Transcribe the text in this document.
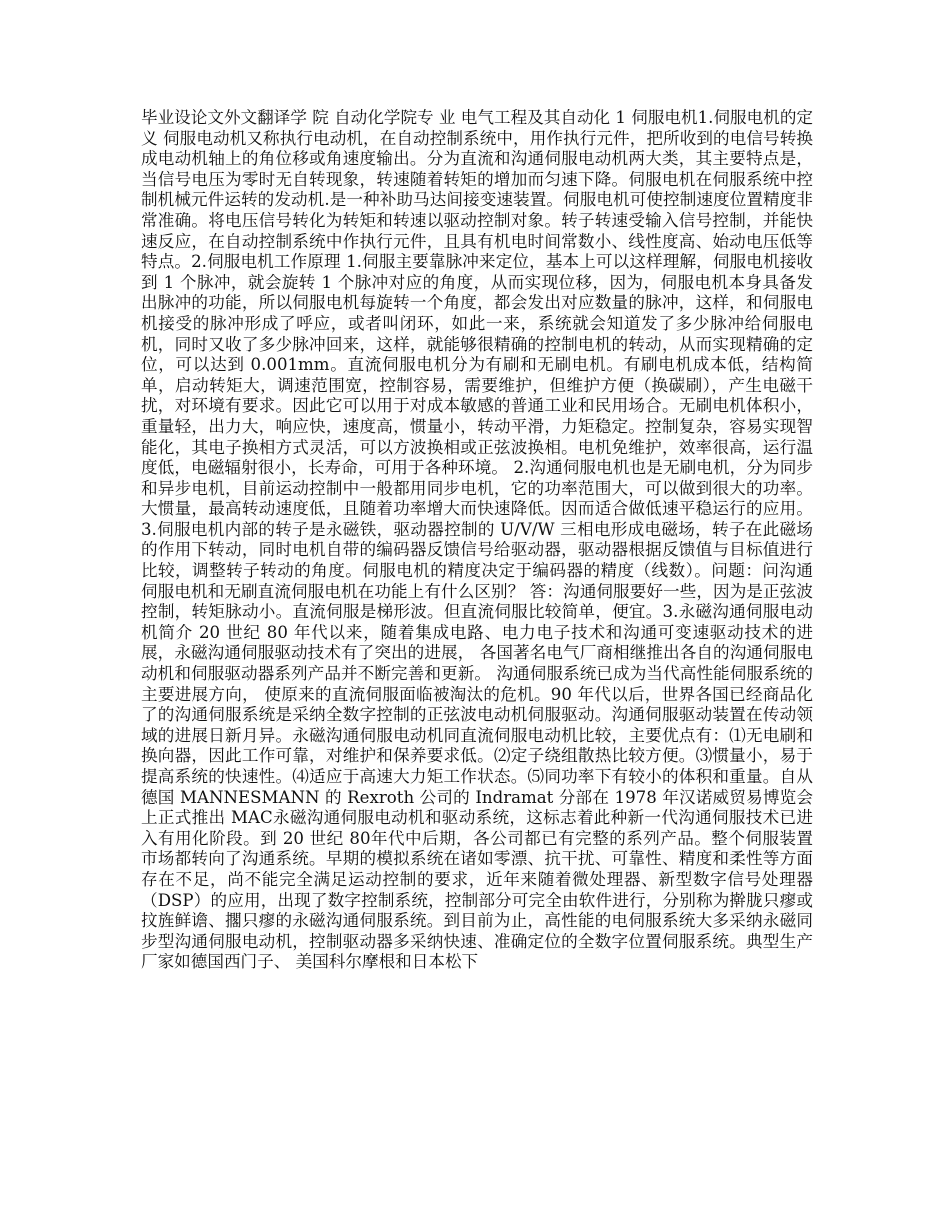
毕业设论文外文翻译学 院 自动化学院专 业 电气工程及其自动化 1 伺服电机1.伺服电机的定义 伺服电动机又称执行电动机，在自动控制系统中，用作执行元件，把所收到的电信号转换成电动机轴上的角位移或角速度输出。分为直流和沟通伺服电动机两大类，其主要特点是，当信号电压为零时无自转现象，转速随着转矩的增加而匀速下降。伺服电机在伺服系统中控制机械元件运转的发动机.是一种补助马达间接变速装置。伺服电机可使控制速度位置精度非常准确。将电压信号转化为转矩和转速以驱动控制对象。转子转速受输入信号控制，并能快速反应，在自动控制系统中作执行元件，且具有机电时间常数小、线性度高、始动电压低等特点。2.伺服电机工作原理 1.伺服主要靠脉冲来定位，基本上可以这样理解，伺服电机接收到 1 个脉冲，就会旋转 1 个脉冲对应的角度，从而实现位移，因为，伺服电机本身具备发出脉冲的功能，所以伺服电机每旋转一个角度，都会发出对应数量的脉冲，这样，和伺服电机接受的脉冲形成了呼应，或者叫闭环，如此一来，系统就会知道发了多少脉冲给伺服电机，同时又收了多少脉冲回来，这样，就能够很精确的控制电机的转动，从而实现精确的定位，可以达到 0.001mm。直流伺服电机分为有刷和无刷电机。有刷电机成本低，结构简单，启动转矩大，调速范围宽，控制容易，需要维护，但维护方便（换碳刷），产生电磁干扰，对环境有要求。因此它可以用于对成本敏感的普通工业和民用场合。无刷电机体积小，重量轻，出力大，响应快，速度高，惯量小，转动平滑，力矩稳定。控制复杂，容易实现智能化，其电子换相方式灵活，可以方波换相或正弦波换相。电机免维护，效率很高，运行温度低，电磁辐射很小，长寿命，可用于各种环境。 2.沟通伺服电机也是无刷电机，分为同步和异步电机，目前运动控制中一般都用同步电机，它的功率范围大，可以做到很大的功率。大惯量，最高转动速度低，且随着功率增大而快速降低。因而适合做低速平稳运行的应用。 3.伺服电机内部的转子是永磁铁，驱动器控制的 U/V/W 三相电形成电磁场，转子在此磁场的作用下转动，同时电机自带的编码器反馈信号给驱动器，驱动器根据反馈值与目标值进行比较，调整转子转动的角度。伺服电机的精度决定于编码器的精度（线数）。问题：问沟通伺服电机和无刷直流伺服电机在功能上有什么区别？ 答：沟通伺服要好一些，因为是正弦波控制，转矩脉动小。直流伺服是梯形波。但直流伺服比较简单，便宜。3.永磁沟通伺服电动机简介 20 世纪 80 年代以来，随着集成电路、电力电子技术和沟通可变速驱动技术的进展，永磁沟通伺服驱动技术有了突出的进展， 各国著名电气厂商相继推出各自的沟通伺服电动机和伺服驱动器系列产品并不断完善和更新。 沟通伺服系统已成为当代高性能伺服系统的主要进展方向， 使原来的直流伺服面临被淘汰的危机。90 年代以后，世界各国已经商品化了的沟通伺服系统是采纳全数字控制的正弦波电动机伺服驱动。沟通伺服驱动装置在传动领域的进展日新月异。永磁沟通伺服电动机同直流伺服电动机比较，主要优点有：⑴无电刷和换向器，因此工作可靠，对维护和保养要求低。⑵定子绕组散热比较方便。⑶惯量小，易于提高系统的快速性。⑷适应于高速大力矩工作状态。⑸同功率下有较小的体积和重量。自从德国 MANNESMANN 的 Rexroth 公司的 Indramat 分部在 1978 年汉诺威贸易博览会上正式推出 MAC永磁沟通伺服电动机和驱动系统，这标志着此种新一代沟通伺服技术已进入有用化阶段。到 20 世纪 80年代中后期，各公司都已有完整的系列产品。整个伺服装置市场都转向了沟通系统。早期的模拟系统在诸如零漂、抗干扰、可靠性、精度和柔性等方面存在不足，尚不能完全满足运动控制的要求，近年来随着微处理器、新型数字信号处理器（DSP）的应用，出现了数字控制系统，控制部分可完全由软件进行，分别称为擀胧只瘳或抆旌鲜谵、擱只瘳的永磁沟通伺服系统。到目前为止，高性能的电伺服系统大多采纳永磁同步型沟通伺服电动机，控制驱动器多采纳快速、准确定位的全数字位置伺服系统。典型生产厂家如德国西门子、 美国科尔摩根和日本松下
